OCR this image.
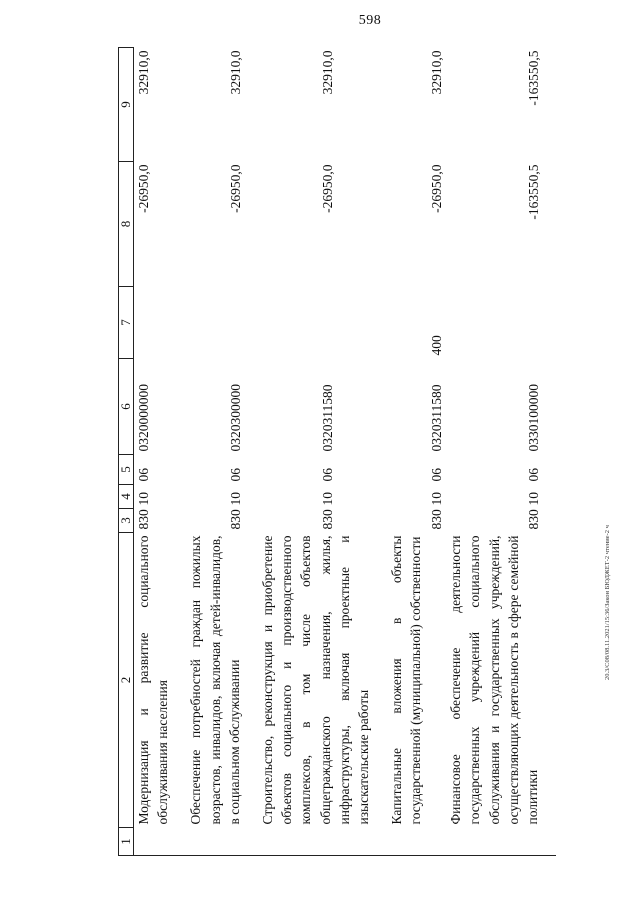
598
20.3/C08/08.11.2021/15:36/Закон БЮДЖЕТ-2 чтение-2 ч
1	2	3	4	5	6	7	8	9
	Модернизация и развитие социального обслуживания населения	830	10	06	0320000000		-26950,0	32910,0
	Обеспечение потребностей граждан пожилых возрастов, инвалидов, включая детей-инвалидов, в социальном обслуживании	830	10	06	0320300000		-26950,0	32910,0
	Строительство, реконструкция и приобретение объектов социального и производственного комплексов, в том числе объектов общегражданского назначения, жилья, инфраструктуры, включая проектные и изыскательские работы	830	10	06	0320311580		-26950,0	32910,0
	Капитальные вложения в объекты государственной (муниципальной) собственности	830	10	06	0320311580	400	-26950,0	32910,0
	Финансовое обеспечение деятельности государственных учреждений социального обслуживания и государственных учреждений, осуществляющих деятельность в сфере семейной политики	830	10	06	0330100000		-163550,5	-163550,5
